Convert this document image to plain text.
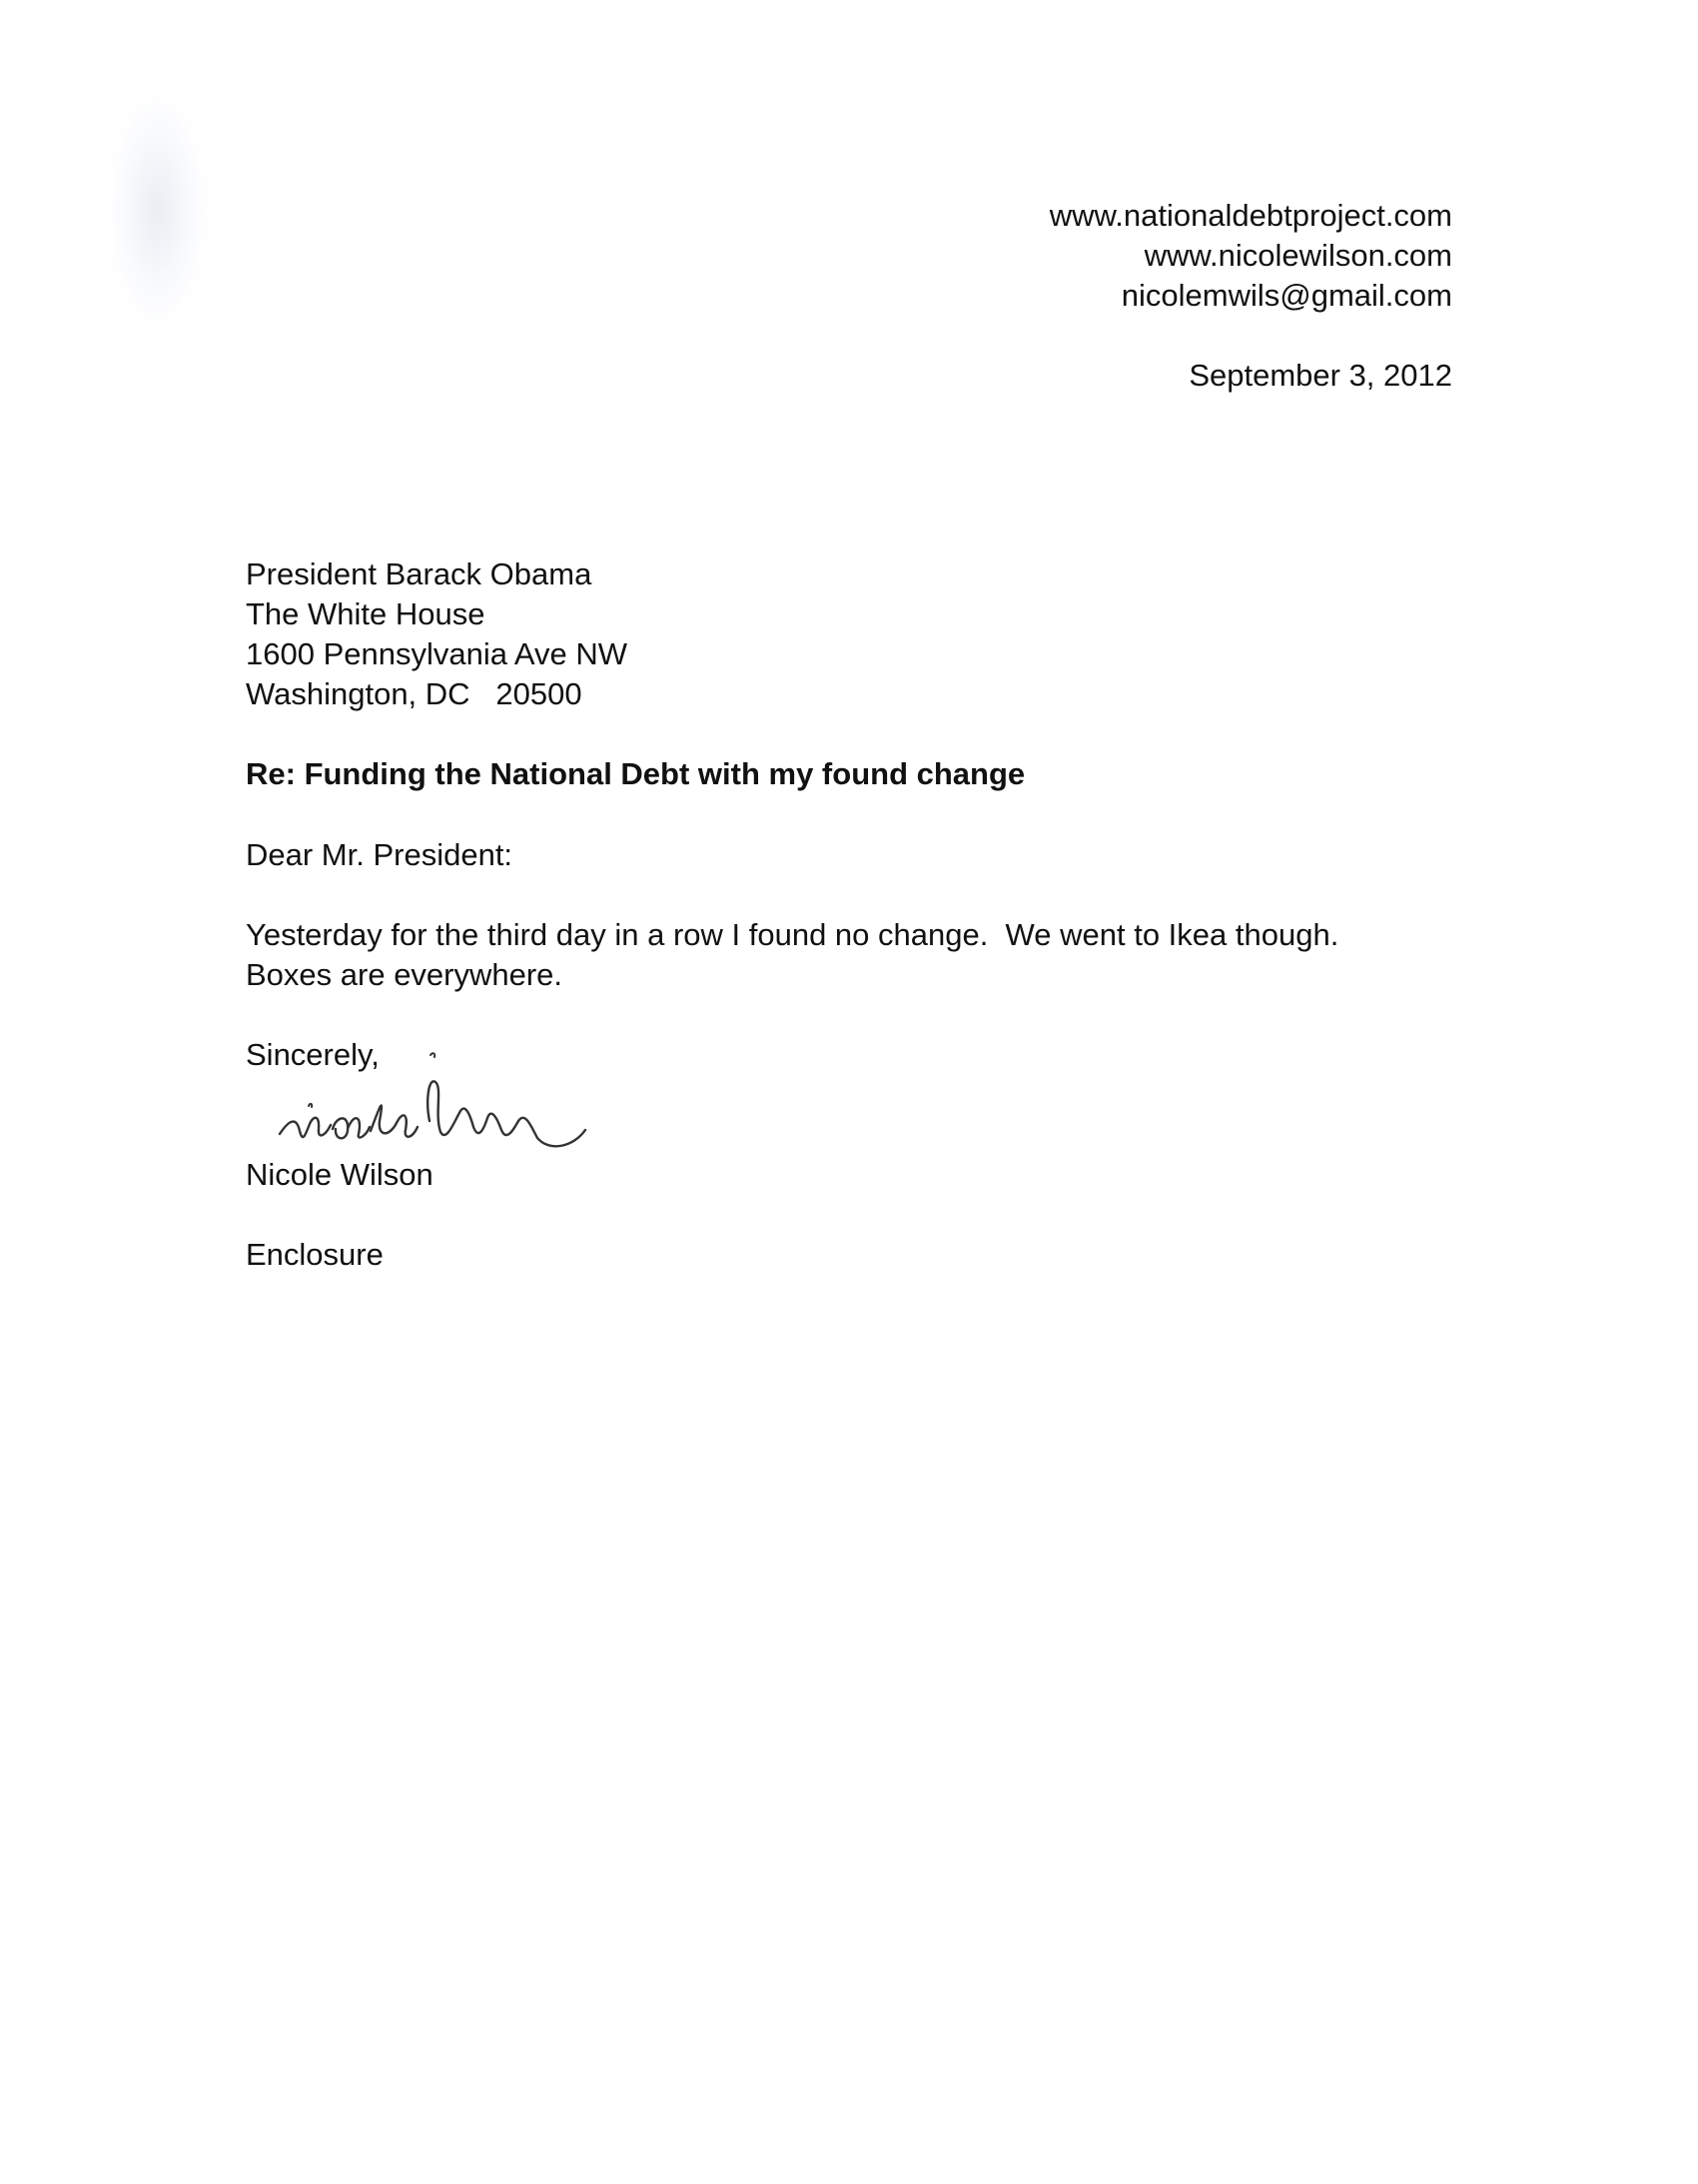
www.nationaldebtproject.com
www.nicolewilson.com
nicolemwils@gmail.com
September 3, 2012
President Barack Obama
The White House
1600 Pennsylvania Ave NW
Washington, DC   20500
Re: Funding the National Debt with my found change
Dear Mr. President:
Yesterday for the third day in a row I found no change.  We went to Ikea though.
Boxes are everywhere.
Sincerely,
Nicole Wilson
Enclosure
